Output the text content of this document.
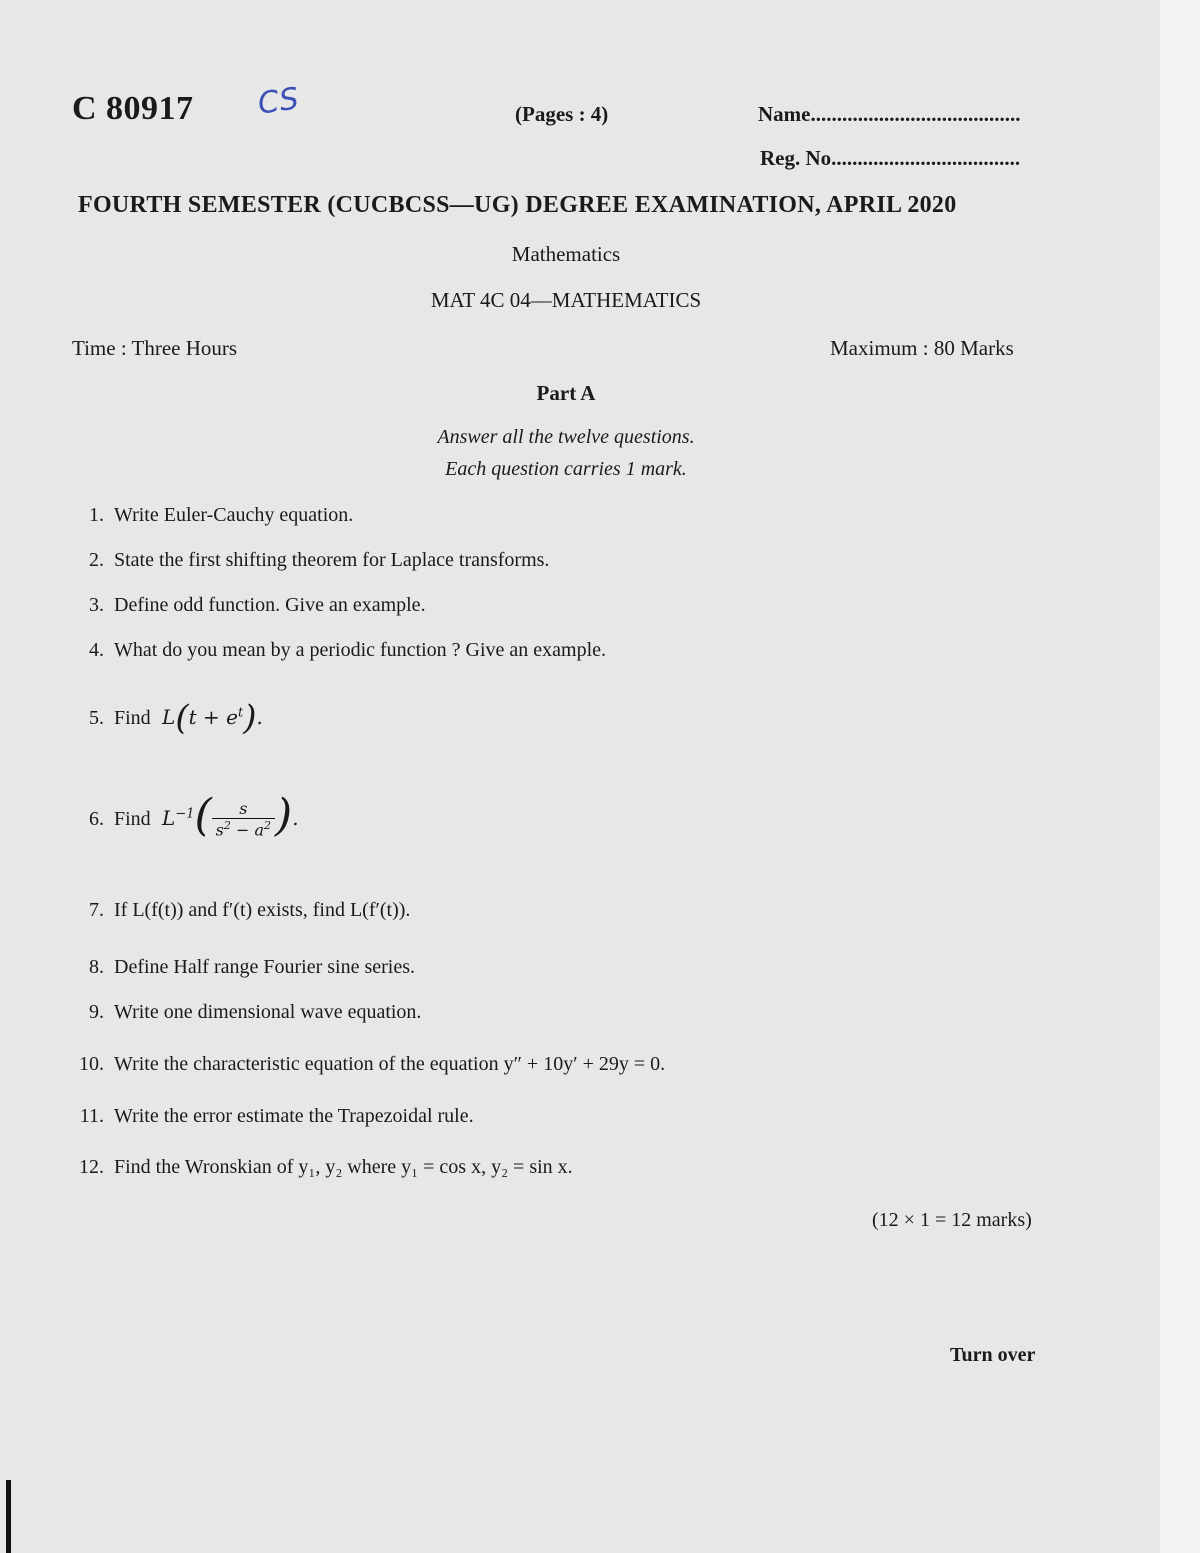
C 80917 CS	(Pages : 4)	Name........................................
Reg. No....................................
FOURTH SEMESTER (CUCBCSS—UG) DEGREE EXAMINATION, APRIL 2020
Mathematics
MAT 4C 04—MATHEMATICS
Time : Three Hours	Maximum : 80 Marks
Part A
Answer all the twelve questions.
Each question carries 1 mark.
1. Write Euler-Cauchy equation.
2. State the first shifting theorem for Laplace transforms.
3. Define odd function. Give an example.
4. What do you mean by a periodic function ? Give an example.
5. Find  $L(t + e^t)$.
6. Find  $L^{-1}( \frac{s}{s^2 - a^2}$ ).
7. If L(f(t)) and f′(t) exists, find L(f′(t)).
8. Define Half range Fourier sine series.
9. Write one dimensional wave equation.
10. Write the characteristic equation of the equation y″ + 10y′ + 29y = 0.
11. Write the error estimate the Trapezoidal rule.
12. Find the Wronskian of y₁, y₂ where y₁ = cos x, y₂ = sin x.
(12 × 1 = 12 marks)
Turn over
